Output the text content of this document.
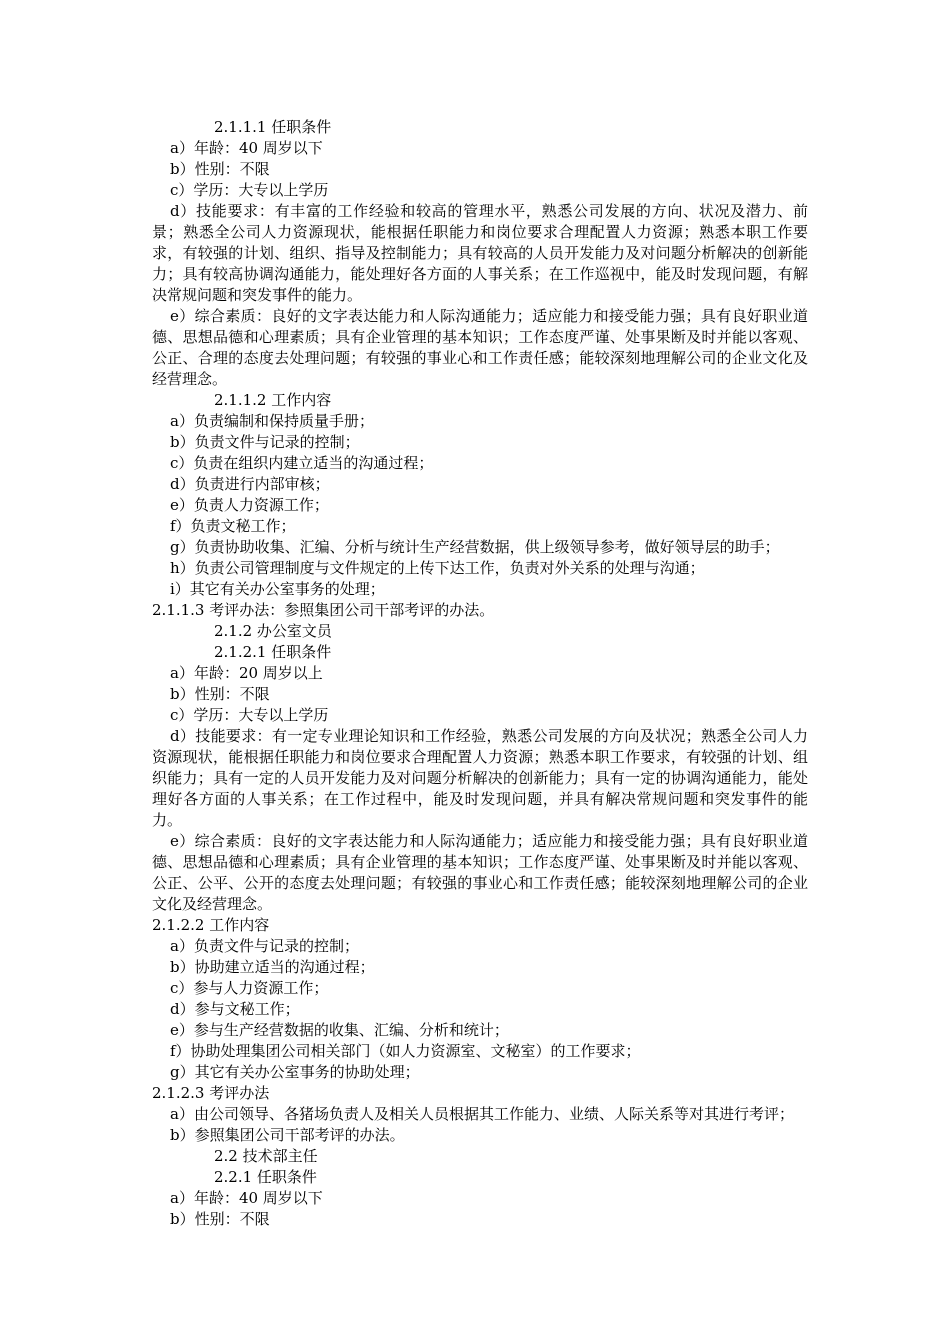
2.1.1.1 任职条件
a）年龄：40 周岁以下
b）性别：不限
c）学历：大专以上学历
d）技能要求：有丰富的工作经验和较高的管理水平，熟悉公司发展的方向、状况及潜力、前景；熟悉全公司人力资源现状，能根据任职能力和岗位要求合理配置人力资源；熟悉本职工作要求，有较强的计划、组织、指导及控制能力；具有较高的人员开发能力及对问题分析解决的创新能力；具有较高协调沟通能力，能处理好各方面的人事关系；在工作巡视中，能及时发现问题，有解决常规问题和突发事件的能力。
e）综合素质：良好的文字表达能力和人际沟通能力；适应能力和接受能力强；具有良好职业道德、思想品德和心理素质；具有企业管理的基本知识；工作态度严谨、处事果断及时并能以客观、公正、合理的态度去处理问题；有较强的事业心和工作责任感；能较深刻地理解公司的企业文化及经营理念。
2.1.1.2 工作内容
a）负责编制和保持质量手册；
b）负责文件与记录的控制；
c）负责在组织内建立适当的沟通过程；
d）负责进行内部审核；
e）负责人力资源工作；
f）负责文秘工作；
g）负责协助收集、汇编、分析与统计生产经营数据，供上级领导参考，做好领导层的助手；
h）负责公司管理制度与文件规定的上传下达工作，负责对外关系的处理与沟通；
i）其它有关办公室事务的处理；
2.1.1.3 考评办法：参照集团公司干部考评的办法。
2.1.2 办公室文员
2.1.2.1 任职条件
a）年龄：20 周岁以上
b）性别：不限
c）学历：大专以上学历
d）技能要求：有一定专业理论知识和工作经验，熟悉公司发展的方向及状况；熟悉全公司人力资源现状，能根据任职能力和岗位要求合理配置人力资源；熟悉本职工作要求，有较强的计划、组织能力；具有一定的人员开发能力及对问题分析解决的创新能力；具有一定的协调沟通能力，能处理好各方面的人事关系；在工作过程中，能及时发现问题，并具有解决常规问题和突发事件的能力。
e）综合素质：良好的文字表达能力和人际沟通能力；适应能力和接受能力强；具有良好职业道德、思想品德和心理素质；具有企业管理的基本知识；工作态度严谨、处事果断及时并能以客观、公正、公平、公开的态度去处理问题；有较强的事业心和工作责任感；能较深刻地理解公司的企业文化及经营理念。
2.1.2.2 工作内容
a）负责文件与记录的控制；
b）协助建立适当的沟通过程；
c）参与人力资源工作；
d）参与文秘工作；
e）参与生产经营数据的收集、汇编、分析和统计；
f）协助处理集团公司相关部门（如人力资源室、文秘室）的工作要求；
g）其它有关办公室事务的协助处理；
2.1.2.3 考评办法
a）由公司领导、各猪场负责人及相关人员根据其工作能力、业绩、人际关系等对其进行考评；
b）参照集团公司干部考评的办法。
2.2 技术部主任
2.2.1 任职条件
a）年龄：40 周岁以下
b）性别：不限
